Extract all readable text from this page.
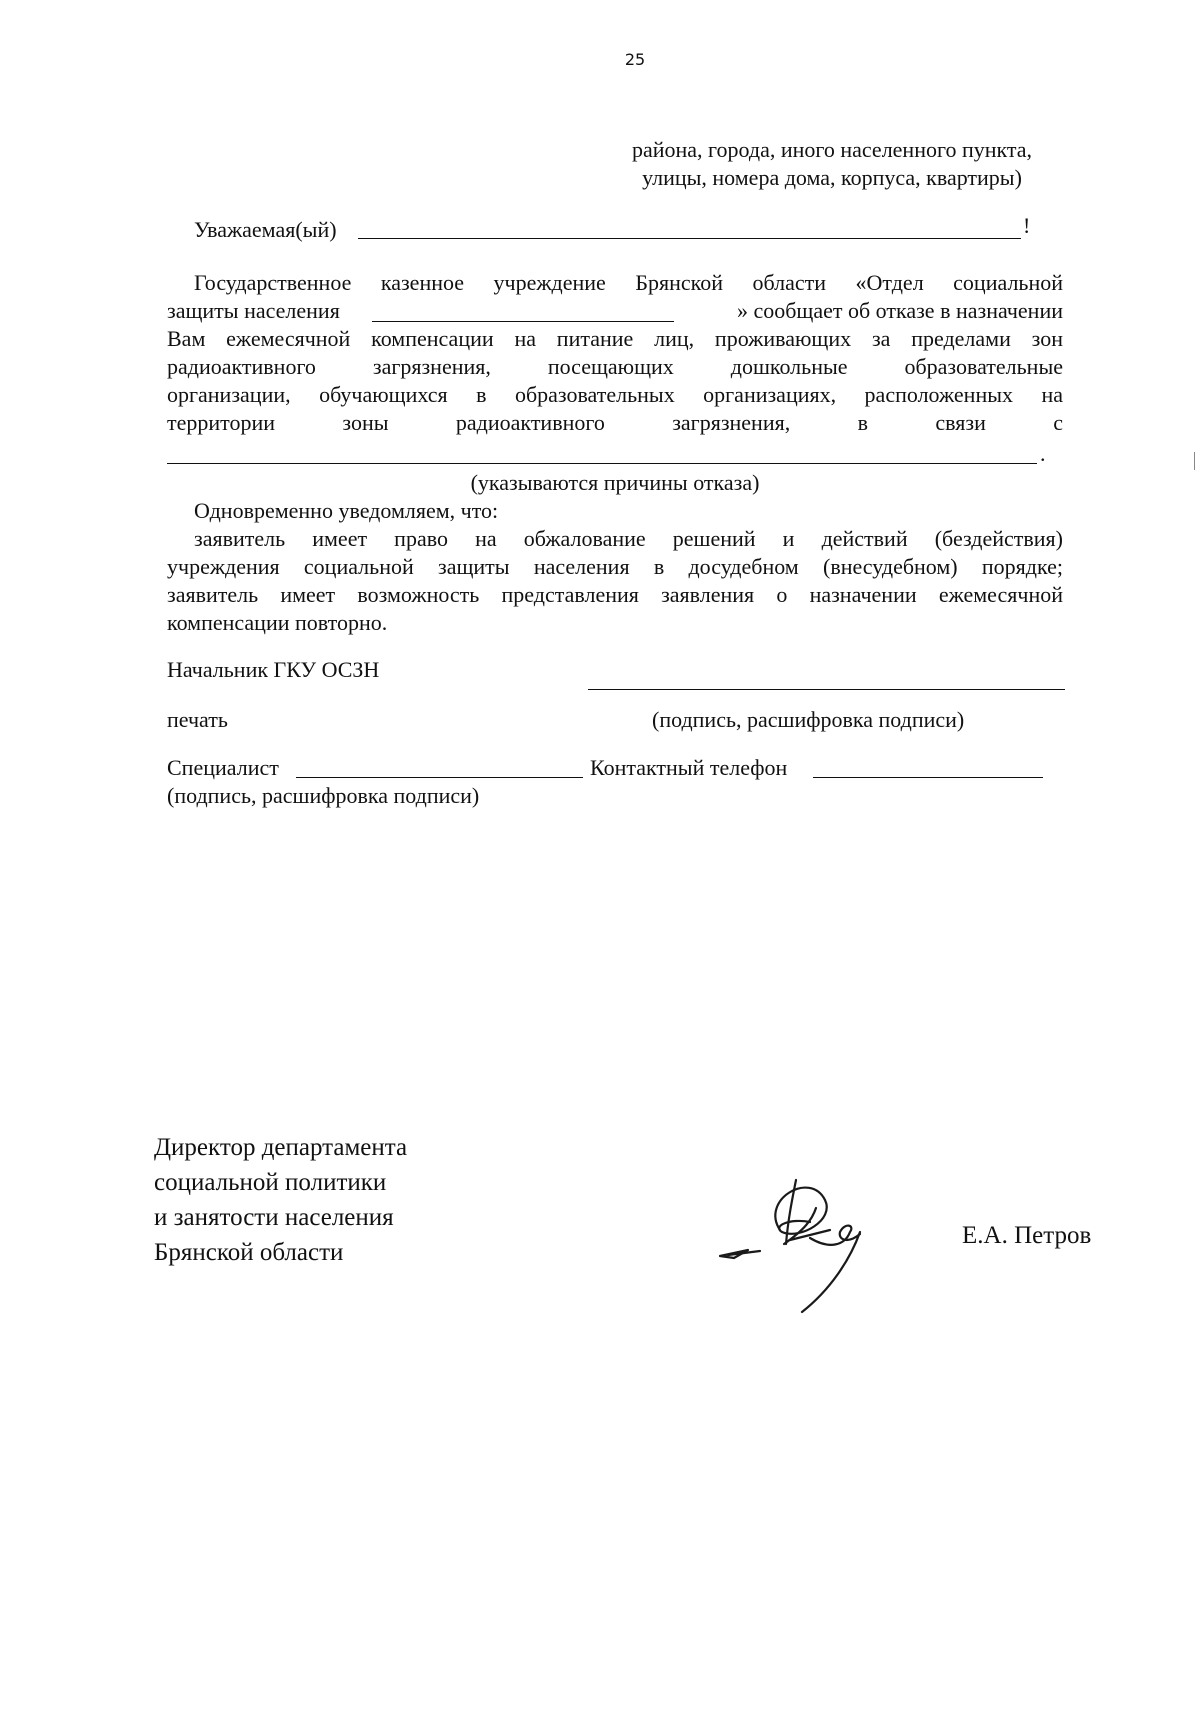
25
района, города, иного населенного пункта,
улицы, номера дома, корпуса, квартиры)
Уважаемая(ый)	!
Государственное казенное учреждение Брянской области «Отдел социальной
защиты населения	» сообщает об отказе в назначении
Вам ежемесячной компенсации на питание лиц, проживающих за пределами зон
радиоактивного загрязнения, посещающих дошкольные образовательные
организации, обучающихся в образовательных организациях, расположенных на
территории зоны радиоактивного загрязнения, в связи с
.
(указываются причины отказа)
Одновременно уведомляем, что:
заявитель имеет право на обжалование решений и действий (бездействия)
учреждения социальной защиты населения в досудебном (внесудебном) порядке;
заявитель имеет возможность представления заявления о назначении ежемесячной
компенсации повторно.
Начальник ГКУ ОСЗН
печать	(подпись, расшифровка подписи)
Специалист	Контактный телефон
(подпись, расшифровка подписи)
Директор департамента
социальной политики
и занятости населения
Брянской области
Е.А. Петров
